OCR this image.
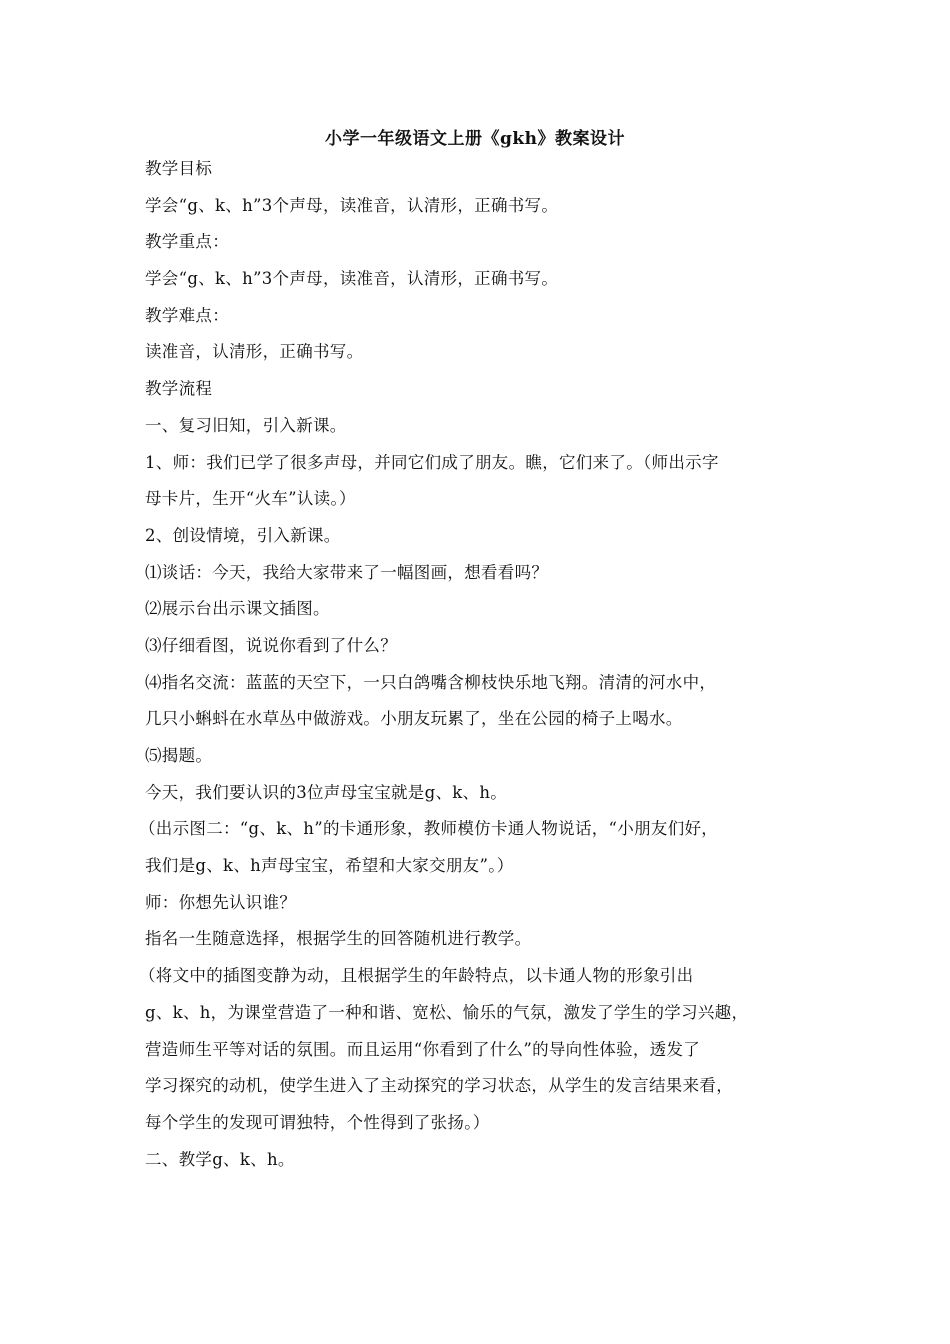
小学一年级语文上册《gkh》教案设计
教学目标
学会“g、k、h”3个声母，读准音，认清形，正确书写。
教学重点：
学会“g、k、h”3个声母，读准音，认清形，正确书写。
教学难点：
读准音，认清形，正确书写。
教学流程
一、复习旧知，引入新课。
1、师：我们已学了很多声母，并同它们成了朋友。瞧，它们来了。（师出示字
母卡片，生开“火车”认读。）
2、创设情境，引入新课。
⑴谈话：今天，我给大家带来了一幅图画，想看看吗？
⑵展示台出示课文插图。
⑶仔细看图，说说你看到了什么？
⑷指名交流：蓝蓝的天空下，一只白鸽嘴含柳枝快乐地飞翔。清清的河水中，
几只小蝌蚪在水草丛中做游戏。小朋友玩累了，坐在公园的椅子上喝水。
⑸揭题。
今天，我们要认识的3位声母宝宝就是g、k、h。
（出示图二：“g、k、h”的卡通形象，教师模仿卡通人物说话，“小朋友们好，
我们是g、k、h声母宝宝，希望和大家交朋友”。）
师：你想先认识谁？
指名一生随意选择，根据学生的回答随机进行教学。
（将文中的插图变静为动，且根据学生的年龄特点，以卡通人物的形象引出
g、k、h，为课堂营造了一种和谐、宽松、愉乐的气氛，激发了学生的学习兴趣，
营造师生平等对话的氛围。而且运用“你看到了什么”的导向性体验，透发了
学习探究的动机，使学生进入了主动探究的学习状态，从学生的发言结果来看，
每个学生的发现可谓独特，个性得到了张扬。）
二、教学g、k、h。
